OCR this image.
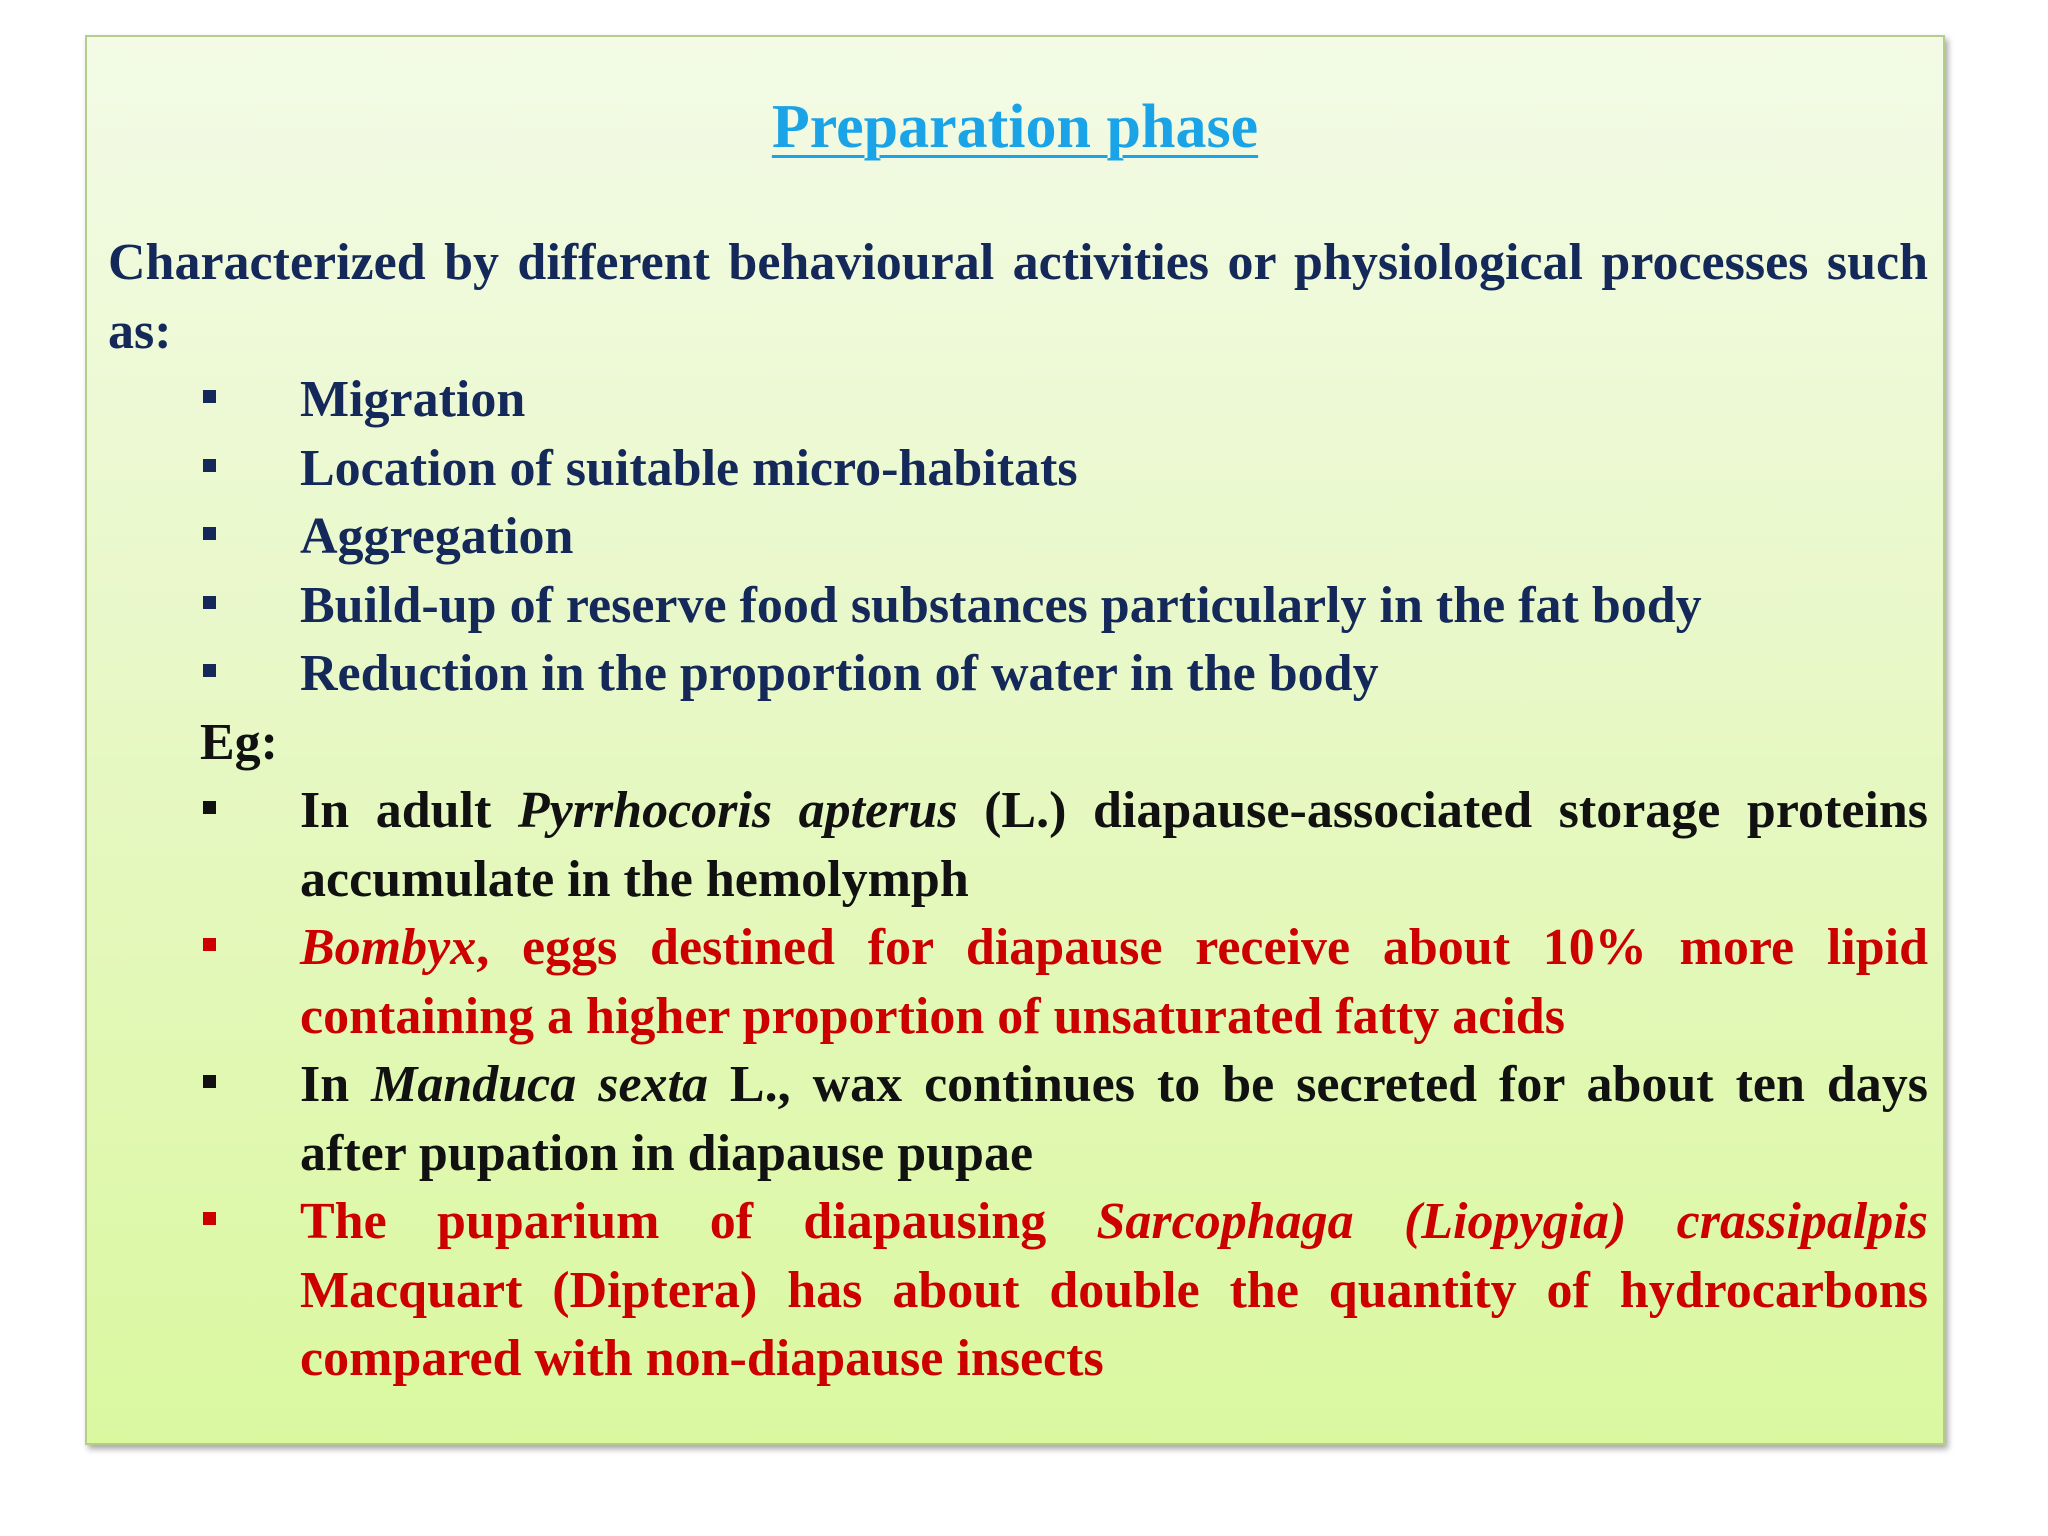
Preparation phase
Characterized by different behavioural activities or physiological processes such as:
Migration
Location of suitable micro-habitats
Aggregation
Build-up of reserve food substances particularly in the fat body
Reduction in the proportion of water in the body
Eg:
In adult Pyrrhocoris apterus (L.) diapause-associated storage proteins accumulate in the hemolymph
Bombyx, eggs destined for diapause receive about 10% more lipid containing a higher proportion of unsaturated fatty acids
In Manduca sexta L., wax continues to be secreted for about ten days after pupation in diapause pupae
The puparium of diapausing Sarcophaga (Liopygia) crassipalpis Macquart (Diptera) has about double the quantity of hydrocarbons compared with non-diapause insects
